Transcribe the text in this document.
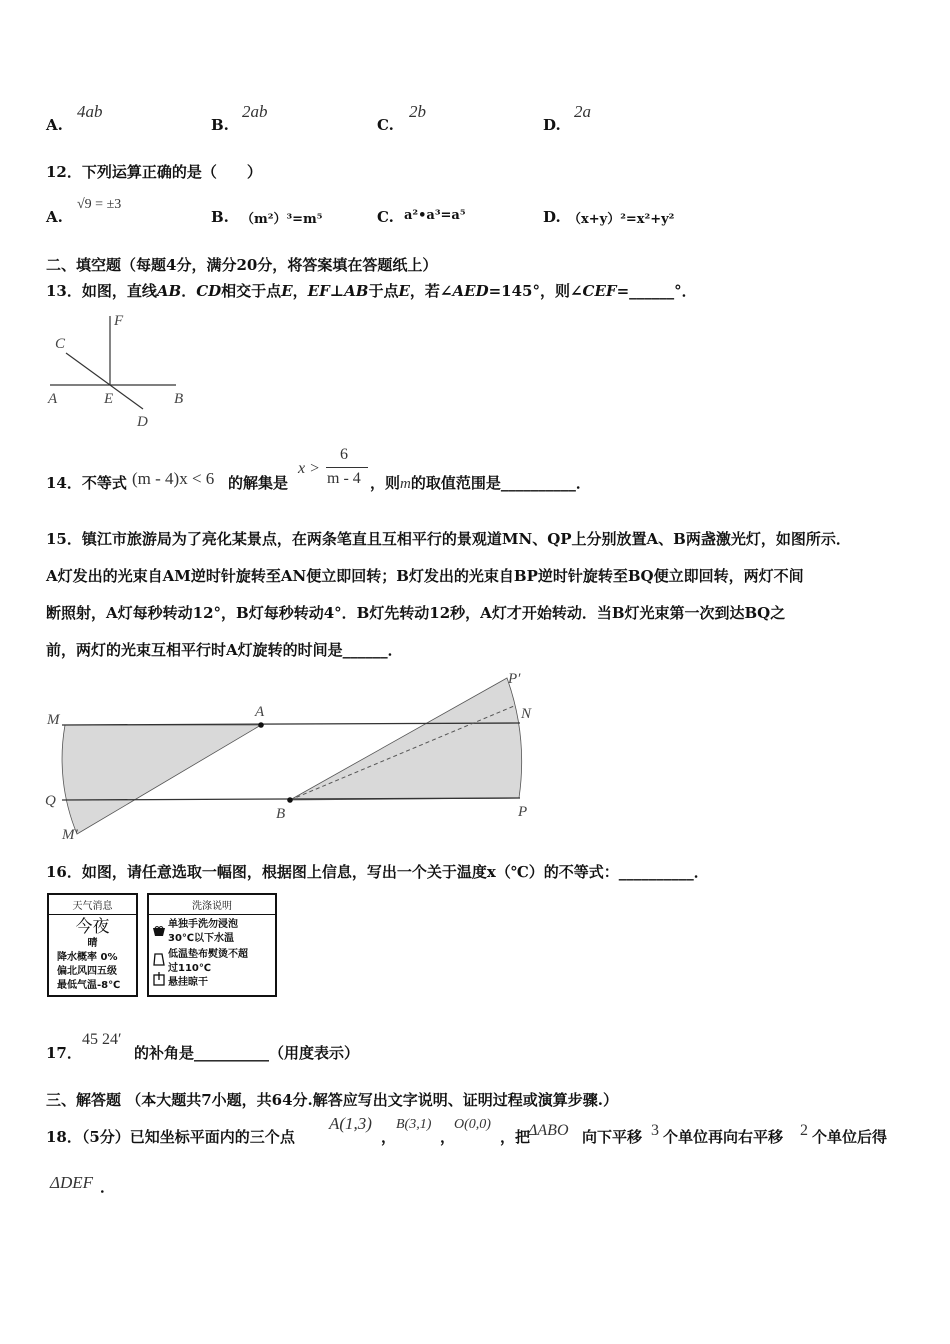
A.
4ab
B.
2ab
C.
2b
D.
2a
12．下列运算正确的是（　　）
A.
√9 = ±3
B. （m²）³=m⁵	C. a²•a³=a⁵	D. （x+y）²=x²+y²
二、填空题（每题4分，满分20分，将答案填在答题纸上）
13．如图，直线AB．CD相交于点E，EF⊥AB于点E，若∠AED=145°，则∠CEF=______°．
F
C
A	E	B
D
14．不等式 (m - 4)x < 6 的解集是
x >
6
m - 4 ，则m的取值范围是__________．
15．镇江市旅游局为了亮化某景点，在两条笔直且互相平行的景观道MN、QP上分别放置A、B两盏激光灯，如图所示．
A灯发出的光束自AM逆时针旋转至AN便立即回转；B灯发出的光束自BP逆时针旋转至BQ便立即回转，两灯不间
断照射，A灯每秒转动12°，B灯每秒转动4°．B灯先转动12秒，A灯才开始转动．当B灯光束第一次到达BQ之
前，两灯的光束互相平行时A灯旋转的时间是______．
M	A
P′
N
Q
B	P
M′
16．如图，请任意选取一幅图，根据图上信息，写出一个关于温度x（℃）的不等式：__________．
天气消息
今夜
晴
降水概率 0%
偏北风四五级
最低气温-8℃
洗涤说明
单独手洗勿浸泡
30℃以下水温
低温垫布熨烫不超
过110℃
悬挂晾干
17．
45 24′
的补角是__________（用度表示）
三、解答题 （本大题共7小题，共64分.解答应写出文字说明、证明过程或演算步骤.）
18．（5分）已知坐标平面内的三个点
A(1,3)
，
B(3,1)
，
O(0,0)
，把
ΔABO 向下平移 3 个单位再向右平移 2 个单位后得
ΔDEF ．
